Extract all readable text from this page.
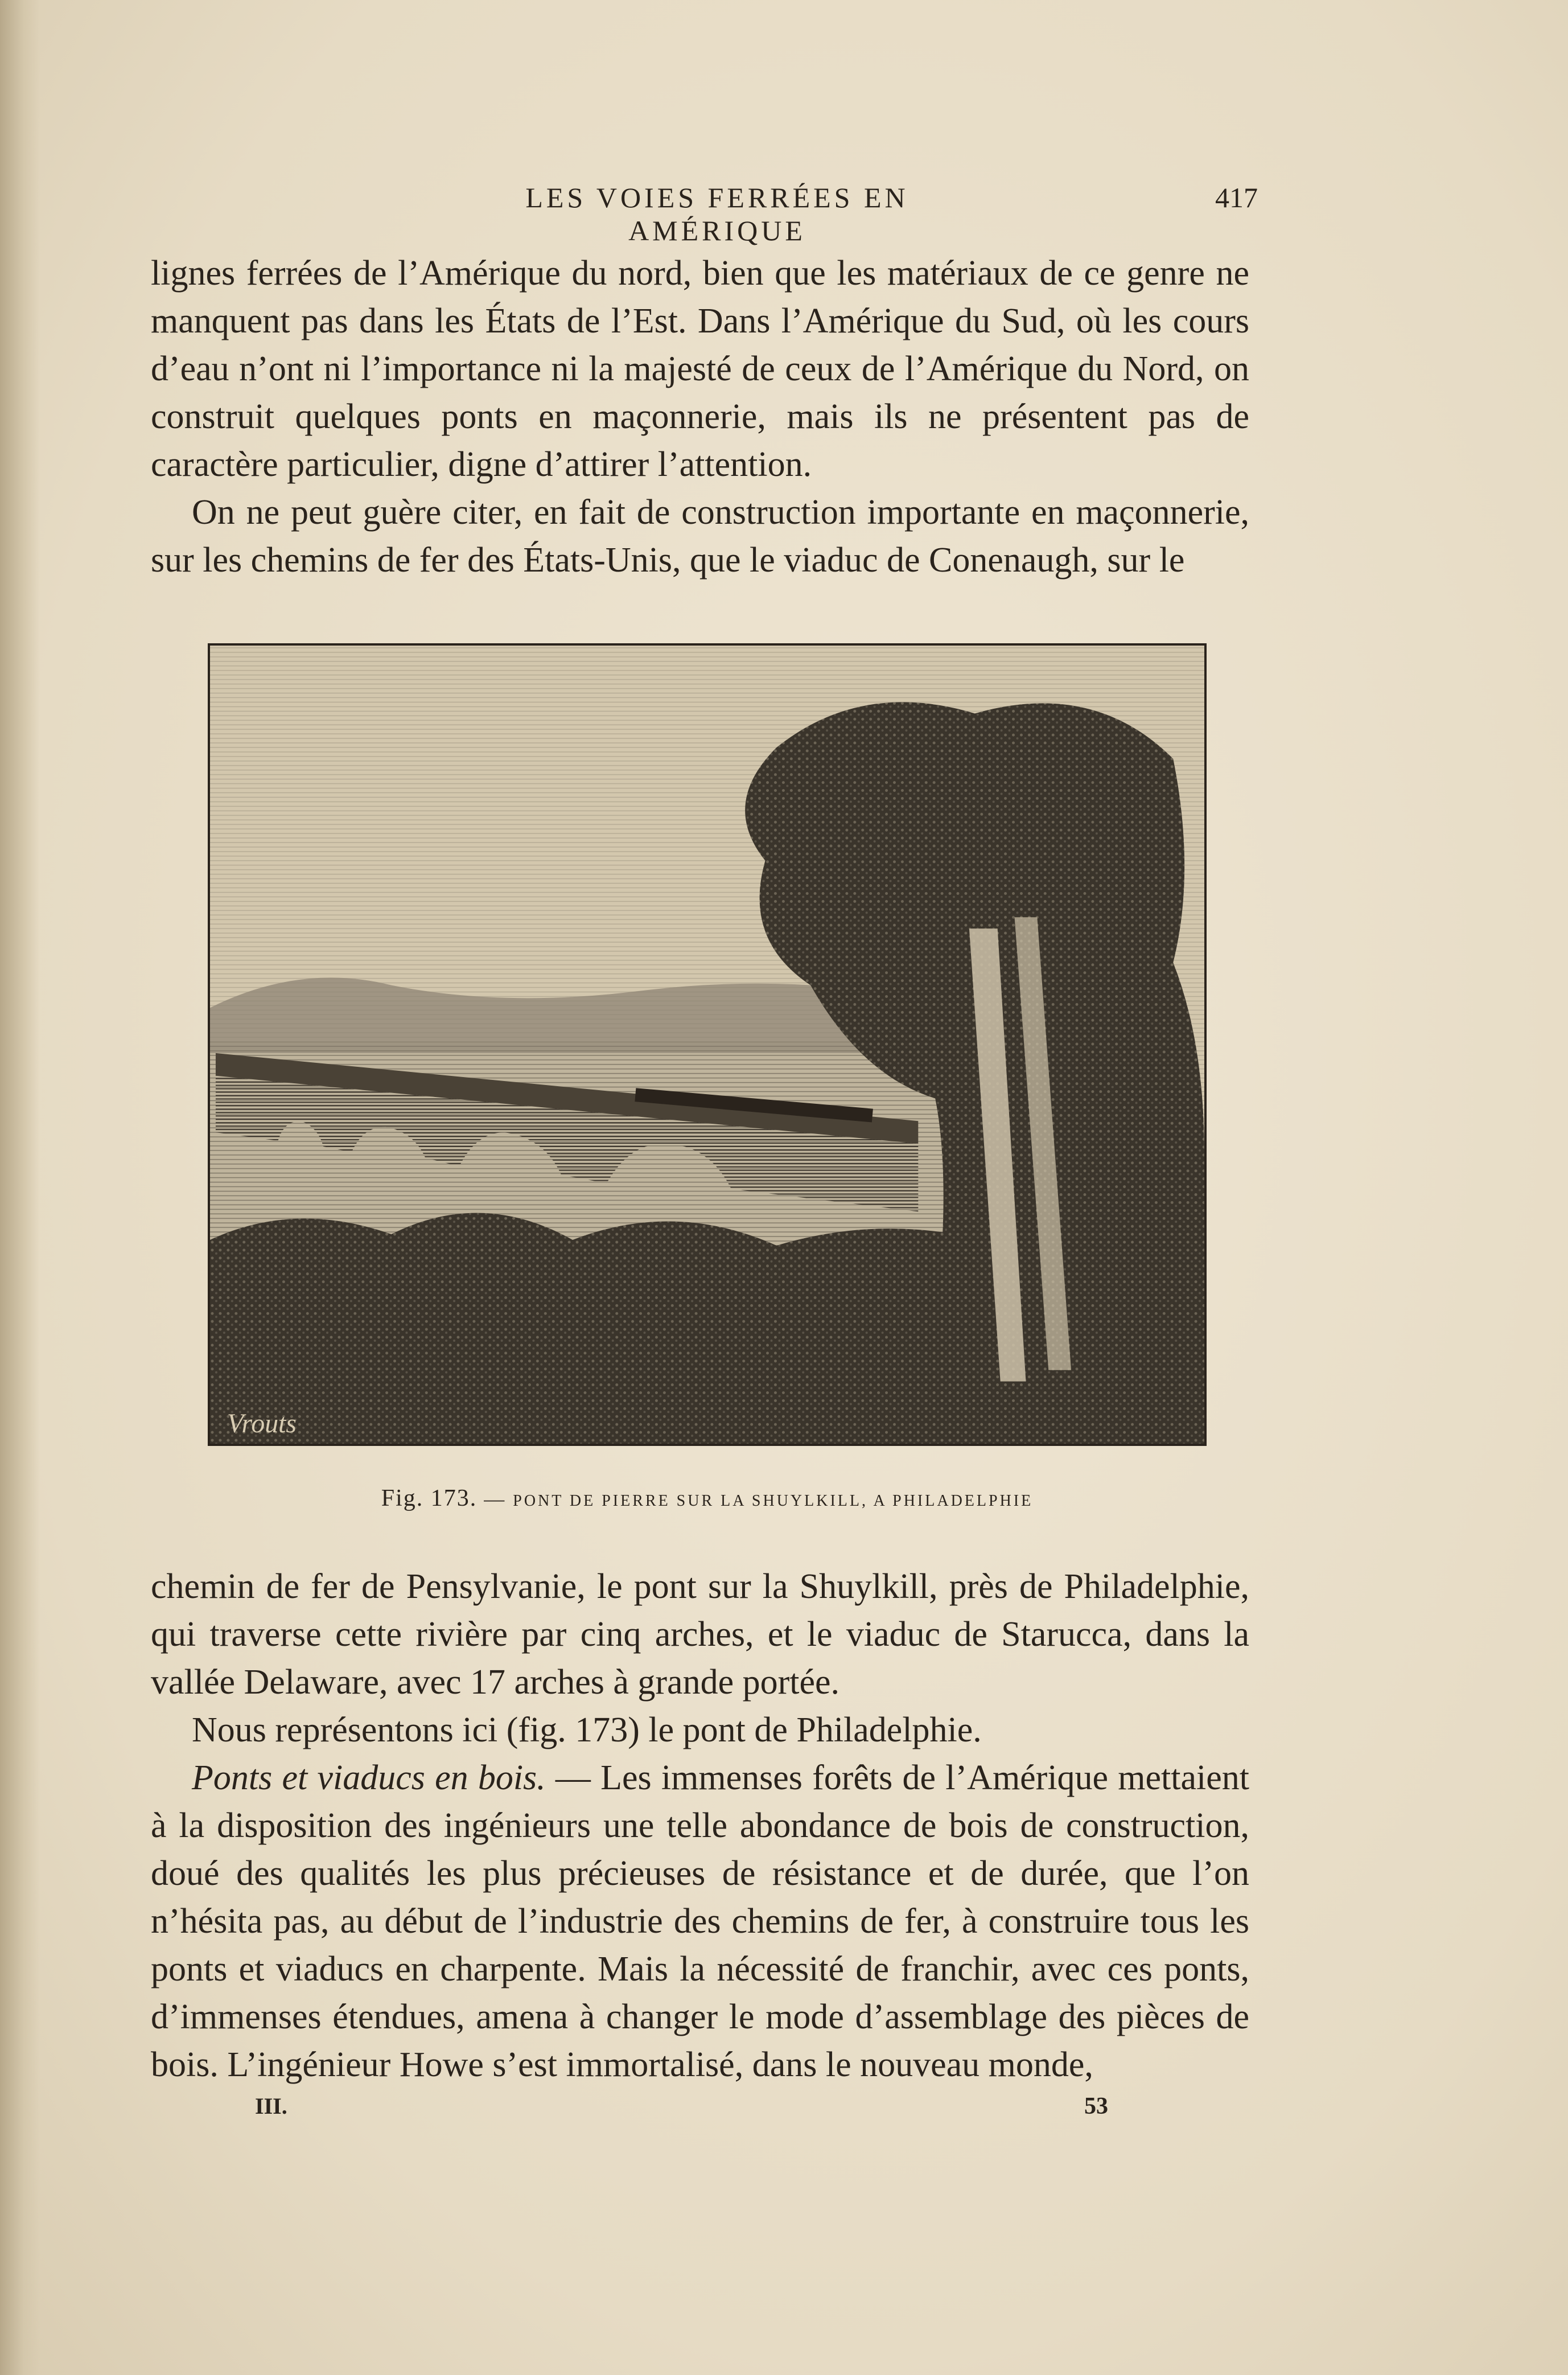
LES VOIES FERRÉES EN AMÉRIQUE
417

lignes ferrées de l’Amérique du nord, bien que les matériaux de ce genre ne manquent pas dans les États de l’Est. Dans l’Amérique du Sud, où les cours d’eau n’ont ni l’importance ni la majesté de ceux de l’Amérique du Nord, on construit quelques ponts en maçonnerie, mais ils ne présentent pas de caractère particulier, digne d’attirer l’attention.

On ne peut guère citer, en fait de construction importante en maçonnerie, sur les chemins de fer des États-Unis, que le viaduc de Conenaugh, sur le

Vrouts
Fig. 173. — PONT DE PIERRE SUR LA SHUYLKILL, A PHILADELPHIE

chemin de fer de Pensylvanie, le pont sur la Shuylkill, près de Philadelphie, qui traverse cette rivière par cinq arches, et le viaduc de Starucca, dans la vallée Delaware, avec 17 arches à grande portée.

Nous représentons ici (fig. 173) le pont de Philadelphie.

Ponts et viaducs en bois. — Les immenses forêts de l’Amérique mettaient à la disposition des ingénieurs une telle abondance de bois de construction, doué des qualités les plus précieuses de résistance et de durée, que l’on n’hésita pas, au début de l’industrie des chemins de fer, à construire tous les ponts et viaducs en charpente. Mais la nécessité de franchir, avec ces ponts, d’immenses étendues, amena à changer le mode d’assemblage des pièces de bois. L’ingénieur Howe s’est immortalisé, dans le nouveau monde,

III.	53
